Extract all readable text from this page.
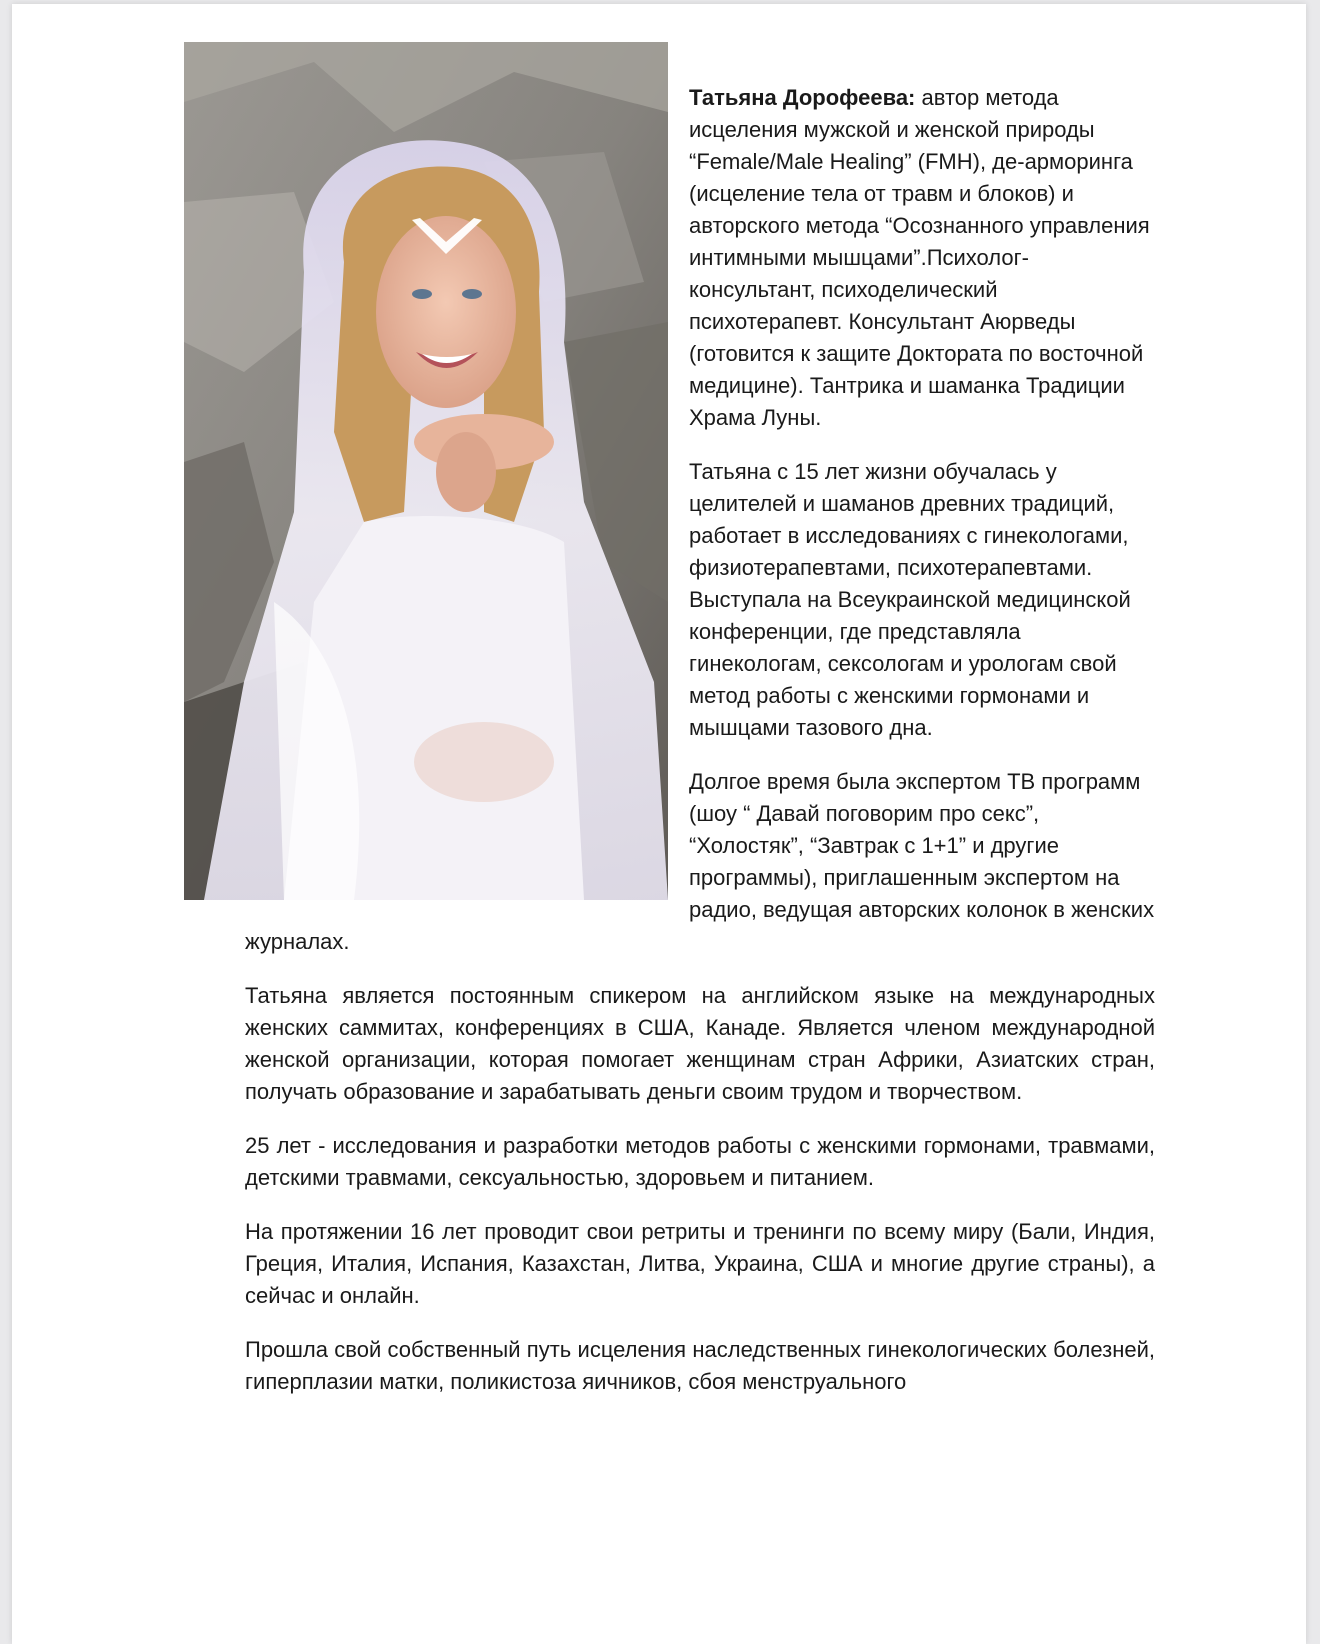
Татьяна Дорофеева: автор метода исцеления мужской и женской природы “Female/Male Healing” (FMH), де-арморинга (исцеление тела от травм и блоков) и авторского метода “Осознанного управления интимными мышцами”.Психолог-консультант, психоделический психотерапевт. Консультант Аюрведы (готовится к защите Доктората по восточной медицине). Тантрика и шаманка Традиции Храма Луны.

Татьяна с 15 лет жизни обучалась у целителей и шаманов древних традиций, работает в исследованиях с гинекологами, физиотерапевтами, психотерапевтами. Выступала на Всеукраинской медицинской конференции, где представляла гинекологам, сексологам и урологам свой метод работы с женскими гормонами и мышцами тазового дна.

Долгое время была экспертом ТВ программ (шоу “ Давай поговорим про секс”, “Холостяк”, “Завтрак с 1+1” и другие программы), приглашенным экспертом на радио, ведущая авторских колонок в женских журналах.

Татьяна является постоянным спикером на английском языке на международных женских саммитах, конференциях в США, Канаде. Является членом международной женской организации, которая помогает женщинам стран Африки, Азиатских стран, получать образование и зарабатывать деньги своим трудом и творчеством.

25 лет - исследования и разработки методов работы с женскими гормонами, травмами, детскими травмами, сексуальностью, здоровьем и питанием.

На протяжении 16 лет проводит свои ретриты и тренинги по всему миру (Бали, Индия, Греция, Италия, Испания, Казахстан, Литва, Украина, США и многие другие страны), а сейчас и онлайн.

Прошла свой собственный путь исцеления наследственных гинекологических болезней, гиперплазии матки, поликистоза яичников, сбоя менструального
